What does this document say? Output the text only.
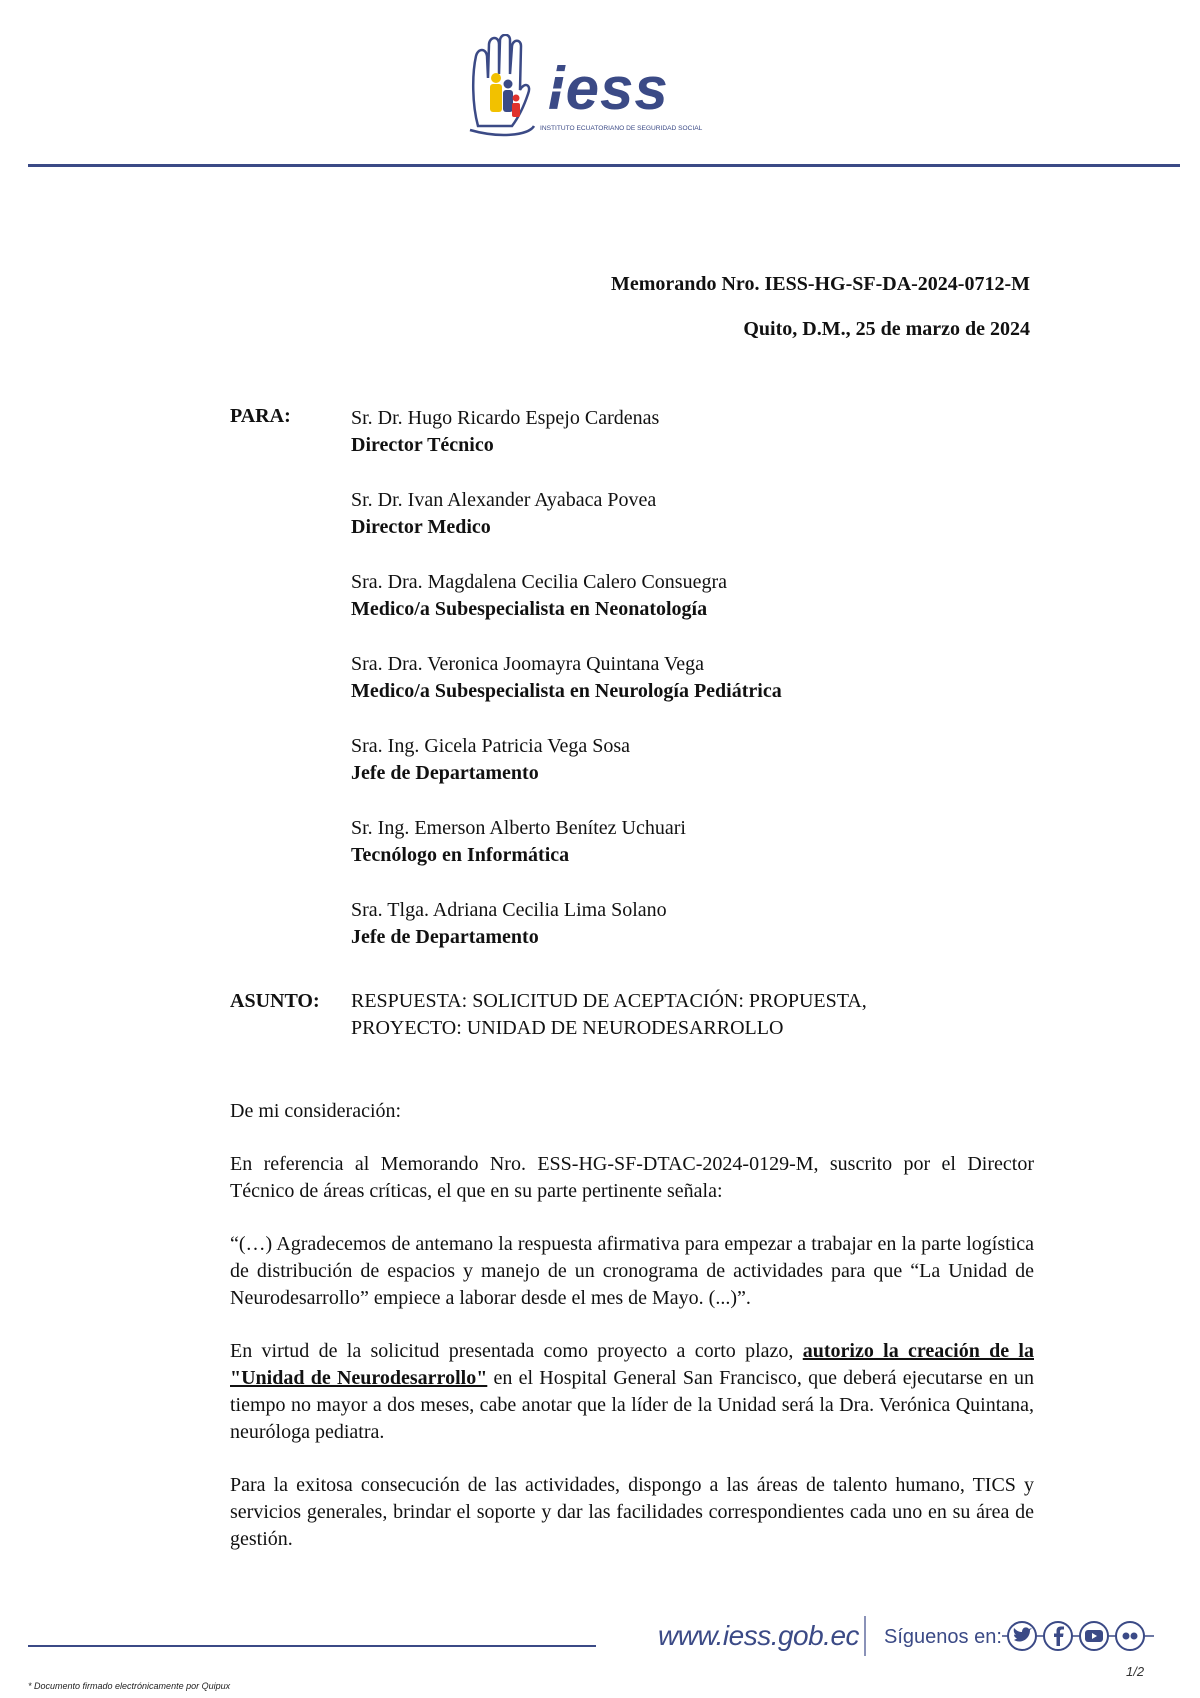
iess
INSTITUTO ECUATORIANO DE SEGURIDAD SOCIAL
Memorando Nro. IESS-HG-SF-DA-2024-0712-M
Quito, D.M., 25 de marzo de 2024
PARA:	Sr. Dr. Hugo Ricardo Espejo Cardenas
Director Técnico
Sr. Dr. Ivan Alexander Ayabaca Povea
Director Medico
Sra. Dra. Magdalena Cecilia Calero Consuegra
Medico/a Subespecialista en Neonatología
Sra. Dra. Veronica Joomayra Quintana Vega
Medico/a Subespecialista en Neurología Pediátrica
Sra. Ing. Gicela Patricia Vega Sosa
Jefe de Departamento
Sr. Ing. Emerson Alberto Benítez Uchuari
Tecnólogo en Informática
Sra. Tlga. Adriana Cecilia Lima Solano
Jefe de Departamento
ASUNTO: RESPUESTA: SOLICITUD DE ACEPTACIÓN: PROPUESTA,
PROYECTO: UNIDAD DE NEURODESARROLLO

De mi consideración:

En referencia al Memorando Nro. ESS-HG-SF-DTAC-2024-0129-M, suscrito por el Director Técnico de áreas críticas, el que en su parte pertinente señala:

“(…) Agradecemos de antemano la respuesta afirmativa para empezar a trabajar en la parte logística de distribución de espacios y manejo de un cronograma de actividades para que “La Unidad de Neurodesarrollo” empiece a laborar desde el mes de Mayo. (...)”.

En virtud de la solicitud presentada como proyecto a corto plazo, autorizo la creación de la "Unidad de Neurodesarrollo" en el Hospital General San Francisco, que deberá ejecutarse en un tiempo no mayor a dos meses, cabe anotar que la líder de la Unidad será la Dra. Verónica Quintana, neuróloga pediatra.

Para la exitosa consecución de las actividades, dispongo a las áreas de talento humano, TICS y servicios generales, brindar el soporte y dar las facilidades correspondientes cada uno en su área de gestión.

www.iess.gob.ec Síguenos en:
1/2
* Documento firmado electrónicamente por Quipux
